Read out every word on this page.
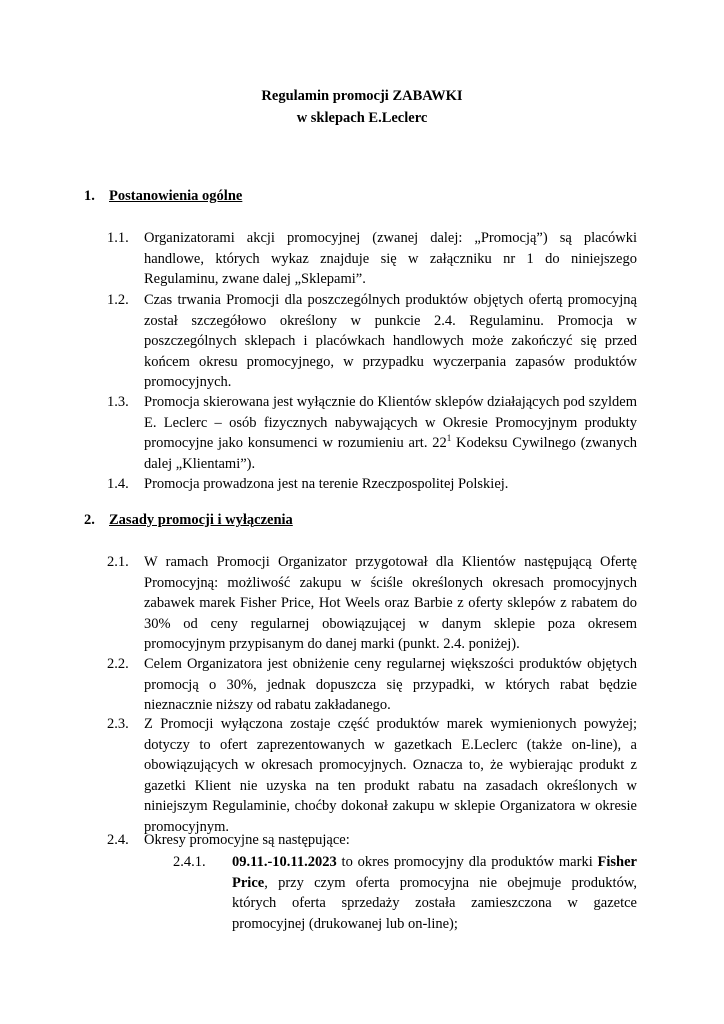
Regulamin promocji ZABAWKI
w sklepach E.Leclerc
1. Postanowienia ogólne
1.1. Organizatorami akcji promocyjnej (zwanej dalej: „Promocją”) są placówki handlowe, których wykaz znajduje się w załączniku nr 1 do niniejszego Regulaminu, zwane dalej „Sklepami”.
1.2. Czas trwania Promocji dla poszczególnych produktów objętych ofertą promocyjną został szczegółowo określony w punkcie 2.4. Regulaminu. Promocja w poszczególnych sklepach i placówkach handlowych może zakończyć się przed końcem okresu promocyjnego, w przypadku wyczerpania zapasów produktów promocyjnych.
1.3. Promocja skierowana jest wyłącznie do Klientów sklepów działających pod szyldem E. Leclerc – osób fizycznych nabywających w Okresie Promocyjnym produkty promocyjne jako konsumenci w rozumieniu art. $22^1$ Kodeksu Cywilnego (zwanych dalej „Klientami”).
1.4. Promocja prowadzona jest na terenie Rzeczpospolitej Polskiej.
2. Zasady promocji i wyłączenia
2.1. W ramach Promocji Organizator przygotował dla Klientów następującą Ofertę Promocyjną: możliwość zakupu w ściśle określonych okresach promocyjnych zabawek marek Fisher Price, Hot Weels oraz Barbie z oferty sklepów z rabatem do 30% od ceny regularnej obowiązującej w danym sklepie poza okresem promocyjnym przypisanym do danej marki (punkt. 2.4. poniżej).
2.2. Celem Organizatora jest obniżenie ceny regularnej większości produktów objętych promocją o 30%, jednak dopuszcza się przypadki, w których rabat będzie nieznacznie niższy od rabatu zakładanego.
2.3. Z Promocji wyłączona zostaje część produktów marek wymienionych powyżej; dotyczy to ofert zaprezentowanych w gazetkach E.Leclerc (także on-line), a obowiązujących w okresach promocyjnych. Oznacza to, że wybierając produkt z gazetki Klient nie uzyska na ten produkt rabatu na zasadach określonych w niniejszym Regulaminie, choćby dokonał zakupu w sklepie Organizatora w okresie promocyjnym.
2.4. Okresy promocyjne są następujące:
2.4.1. 09.11.-10.11.2023 to okres promocyjny dla produktów marki Fisher Price, przy czym oferta promocyjna nie obejmuje produktów, których oferta sprzedaży została zamieszczona w gazetce promocyjnej (drukowanej lub on-line);
